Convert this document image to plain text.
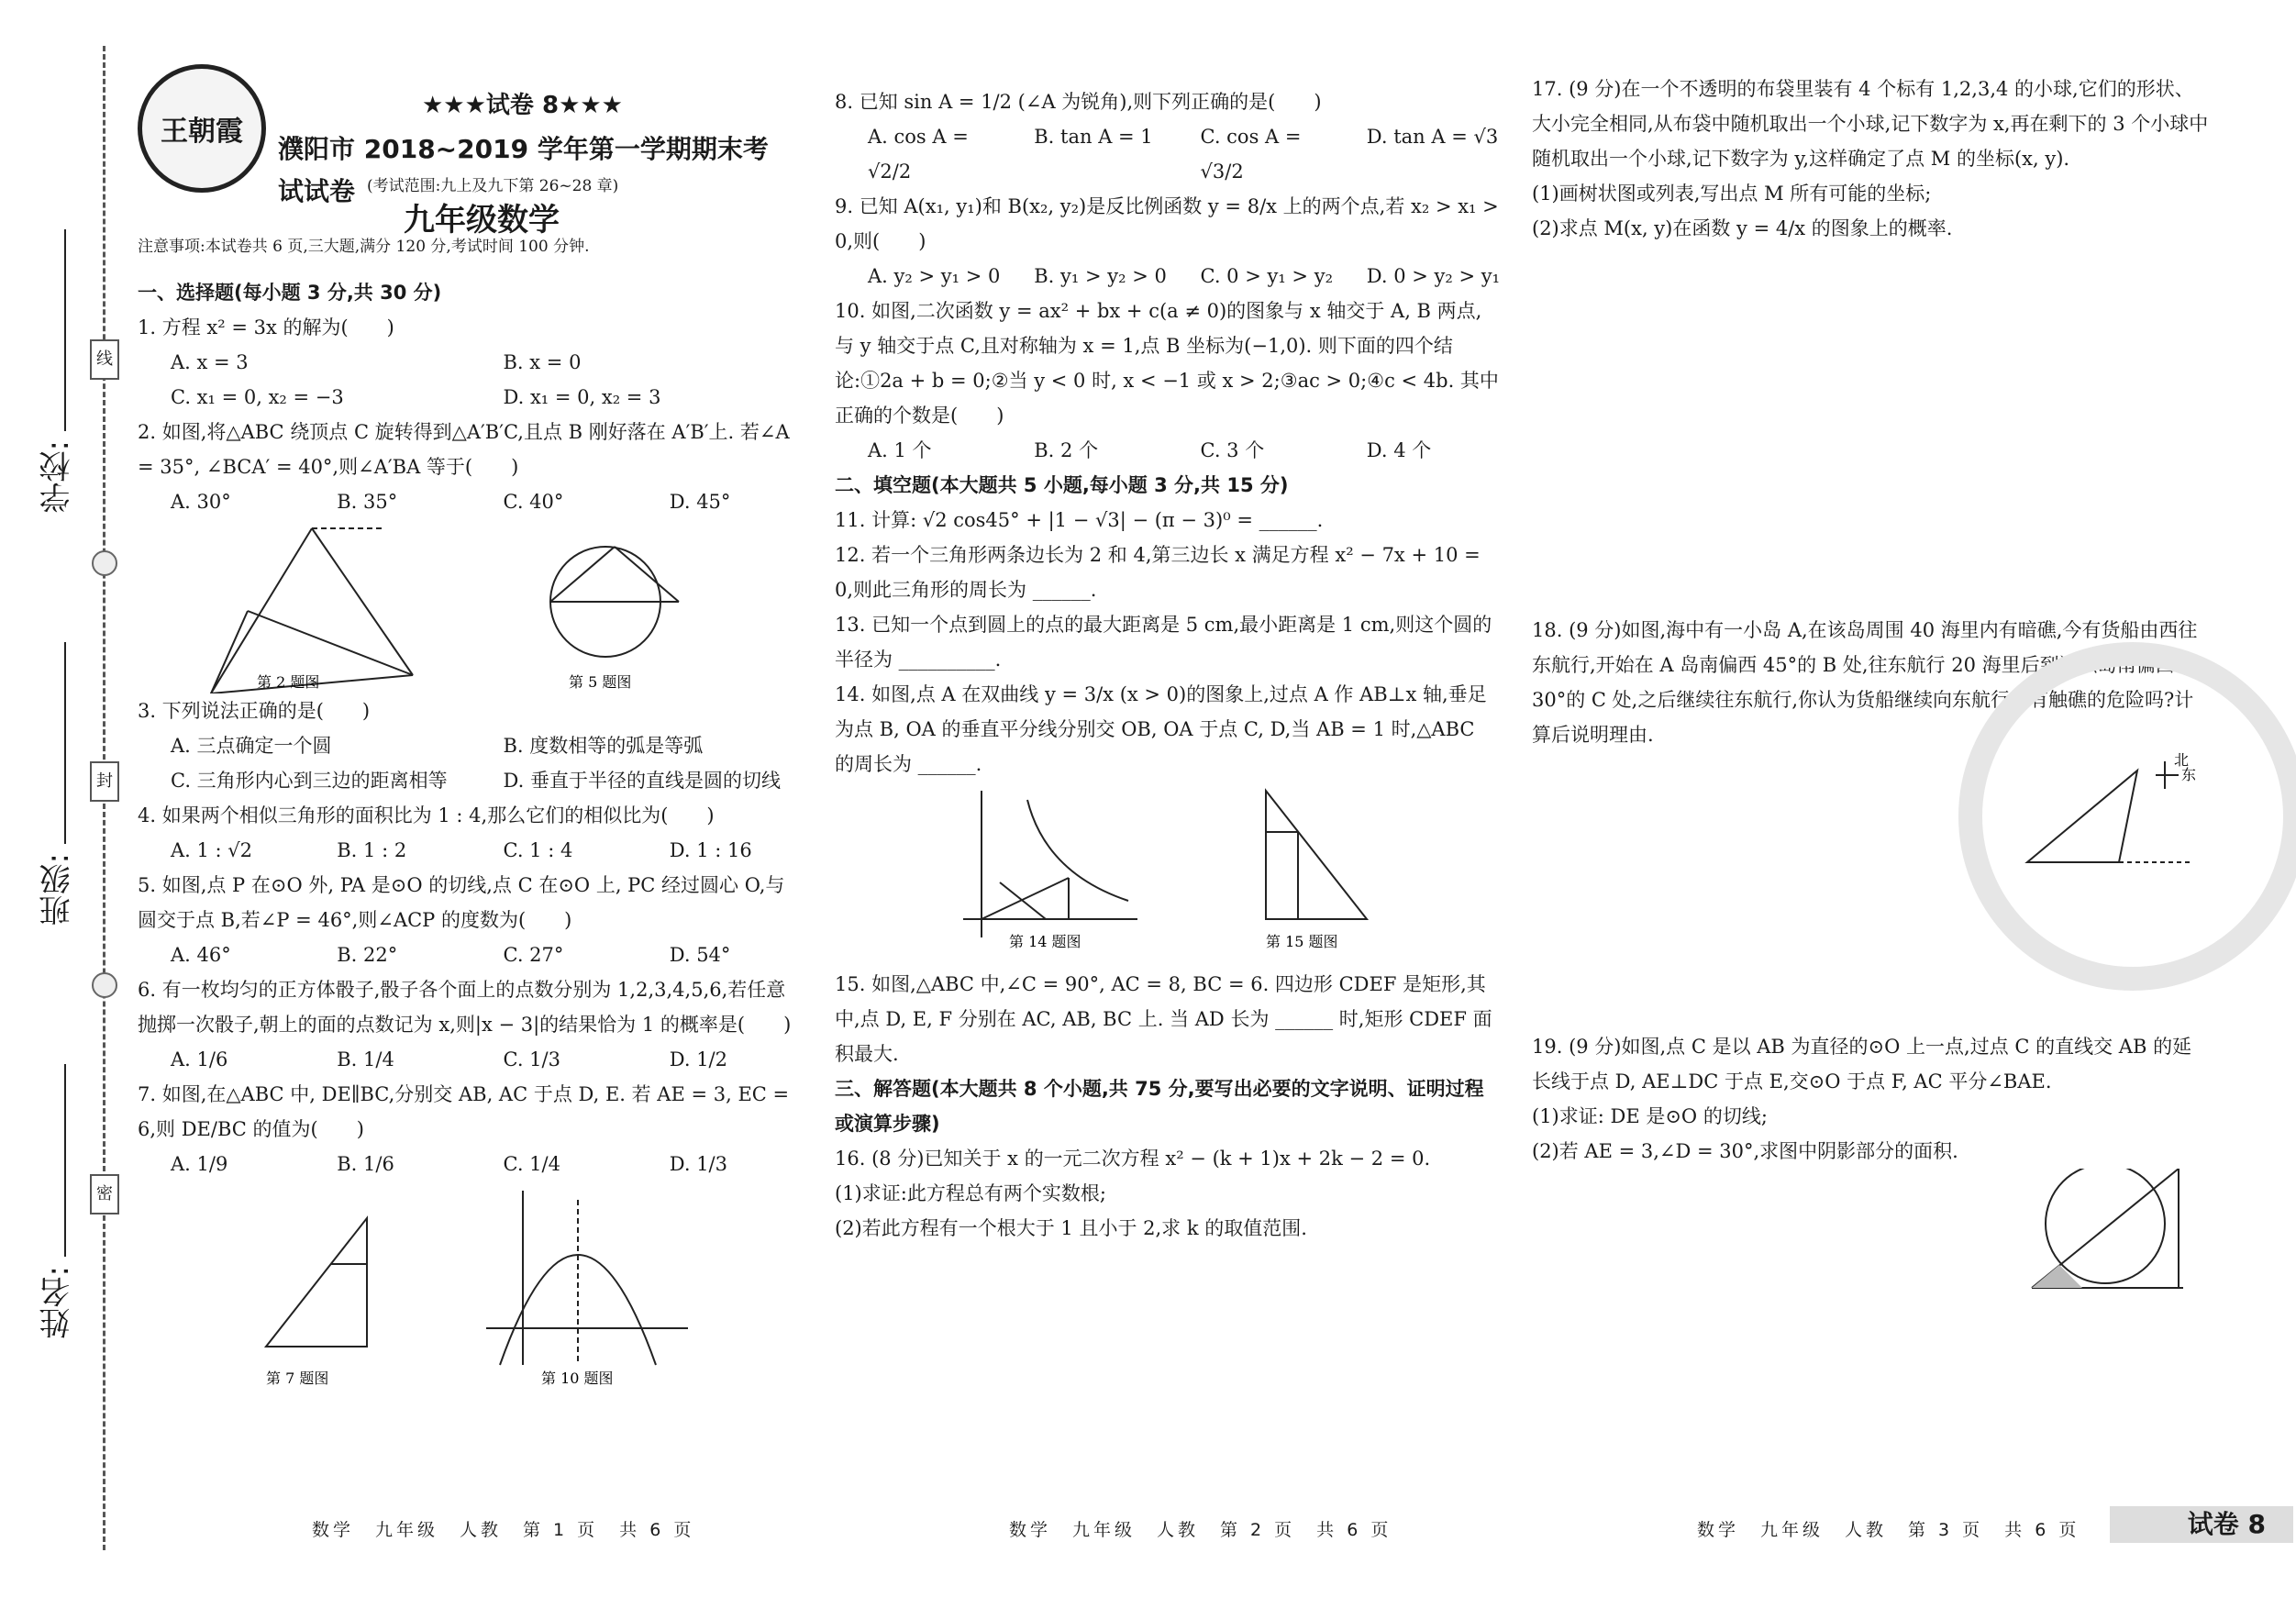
线
封
密
学校:
班级:
姓名:
王朝霞
★★★试卷 8★★★
濮阳市 2018~2019 学年第一学期期末考试试卷 (考试范围:九上及九下第 26~28 章)
九年级数学

注意事项:本试卷共 6 页,三大题,满分 120 分,考试时间 100 分钟.

一、选择题(每小题 3 分,共 30 分)

1. 方程 x² = 3x 的解为(　　)

A. x = 3	B. x = 0
C. x₁ = 0, x₂ = −3	D. x₁ = 0, x₂ = 3

2. 如图,将△ABC 绕顶点 C 旋转得到△A′B′C,且点 B 刚好落在 A′B′上. 若∠A = 35°, ∠BCA′ = 40°,则∠A′BA 等于(　　)

A. 30°	B. 35°	C. 40°	D. 45°
第 2 题图	第 5 题图

3. 下列说法正确的是(　　)

A. 三点确定一个圆	B. 度数相等的弧是等弧
C. 三角形内心到三边的距离相等	D. 垂直于半径的直线是圆的切线

4. 如果两个相似三角形的面积比为 1 : 4,那么它们的相似比为(　　)

A. 1 : √2	B. 1 : 2	C. 1 : 4	D. 1 : 16

5. 如图,点 P 在⊙O 外, PA 是⊙O 的切线,点 C 在⊙O 上, PC 经过圆心 O,与圆交于点 B,若∠P = 46°,则∠ACP 的度数为(　　)

A. 46°	B. 22°	C. 27°	D. 54°

6. 有一枚均匀的正方体骰子,骰子各个面上的点数分别为 1,2,3,4,5,6,若任意抛掷一次骰子,朝上的面的点数记为 x,则|x − 3|的结果恰为 1 的概率是(　　)

A. 1/6	B. 1/4	C. 1/3	D. 1/2

7. 如图,在△ABC 中, DE∥BC,分别交 AB, AC 于点 D, E. 若 AE = 3, EC = 6,则 DE/BC 的值为(　　)

A. 1/9	B. 1/6	C. 1/4	D. 1/3
第 7 题图	第 10 题图

8. 已知 sin A = 1/2 (∠A 为锐角),则下列正确的是(　　)

A. cos A = √2/2
B. tan A = 1	C. cos A = √3/2
D. tan A = √3

9. 已知 A(x₁, y₁)和 B(x₂, y₂)是反比例函数 y = 8/x 上的两个点,若 x₂ > x₁ > 0,则(　　)

A. y₂ > y₁ > 0	B. y₁ > y₂ > 0	C. 0 > y₁ > y₂	D. 0 > y₂ > y₁

10. 如图,二次函数 y = ax² + bx + c(a ≠ 0)的图象与 x 轴交于 A, B 两点,与 y 轴交于点 C,且对称轴为 x = 1,点 B 坐标为(−1,0). 则下面的四个结论:①2a + b = 0;②当 y < 0 时, x < −1 或 x > 2;③ac > 0;④c < 4b. 其中正确的个数是(　　)

A. 1 个	B. 2 个	C. 3 个	D. 4 个

二、填空题(本大题共 5 小题,每小题 3 分,共 15 分)

11. 计算: √2 cos45° + |1 − √3| − (π − 3)⁰ = ______.

12. 若一个三角形两条边长为 2 和 4,第三边长 x 满足方程 x² − 7x + 10 = 0,则此三角形的周长为 ______.

13. 已知一个点到圆上的点的最大距离是 5 cm,最小距离是 1 cm,则这个圆的半径为 __________.

14. 如图,点 A 在双曲线 y = 3/x (x > 0)的图象上,过点 A 作 AB⊥x 轴,垂足为点 B, OA 的垂直平分线分别交 OB, OA 于点 C, D,当 AB = 1 时,△ABC 的周长为 ______.

第 14 题图	第 15 题图

15. 如图,△ABC 中,∠C = 90°, AC = 8, BC = 6. 四边形 CDEF 是矩形,其中,点 D, E, F 分别在 AC, AB, BC 上. 当 AD 长为 ______ 时,矩形 CDEF 面积最大.

三、解答题(本大题共 8 个小题,共 75 分,要写出必要的文字说明、证明过程或演算步骤)

16. (8 分)已知关于 x 的一元二次方程 x² − (k + 1)x + 2k − 2 = 0.

(1)求证:此方程总有两个实数根;

(2)若此方程有一个根大于 1 且小于 2,求 k 的取值范围.

17. (9 分)在一个不透明的布袋里装有 4 个标有 1,2,3,4 的小球,它们的形状、大小完全相同,从布袋中随机取出一个小球,记下数字为 x,再在剩下的 3 个小球中随机取出一个小球,记下数字为 y,这样确定了点 M 的坐标(x, y).

(1)画树状图或列表,写出点 M 所有可能的坐标;

(2)求点 M(x, y)在函数 y = 4/x 的图象上的概率.

18. (9 分)如图,海中有一小岛 A,在该岛周围 40 海里内有暗礁,今有货船由西往东航行,开始在 A 岛南偏西 45°的 B 处,往东航行 20 海里后到达该岛南偏西 30°的 C 处,之后继续往东航行,你认为货船继续向东航行会有触礁的危险吗?计算后说明理由.

北
东

19. (9 分)如图,点 C 是以 AB 为直径的⊙O 上一点,过点 C 的直线交 AB 的延长线于点 D, AE⊥DC 于点 E,交⊙O 于点 F, AC 平分∠BAE.

(1)求证: DE 是⊙O 的切线;

(2)若 AE = 3,∠D = 30°,求图中阴影部分的面积.

数学　九年级　人教　第 1 页　共 6 页	数学　九年级　人教　第 2 页　共 6 页	数学　九年级　人教　第 3 页　共 6 页	试卷 8
